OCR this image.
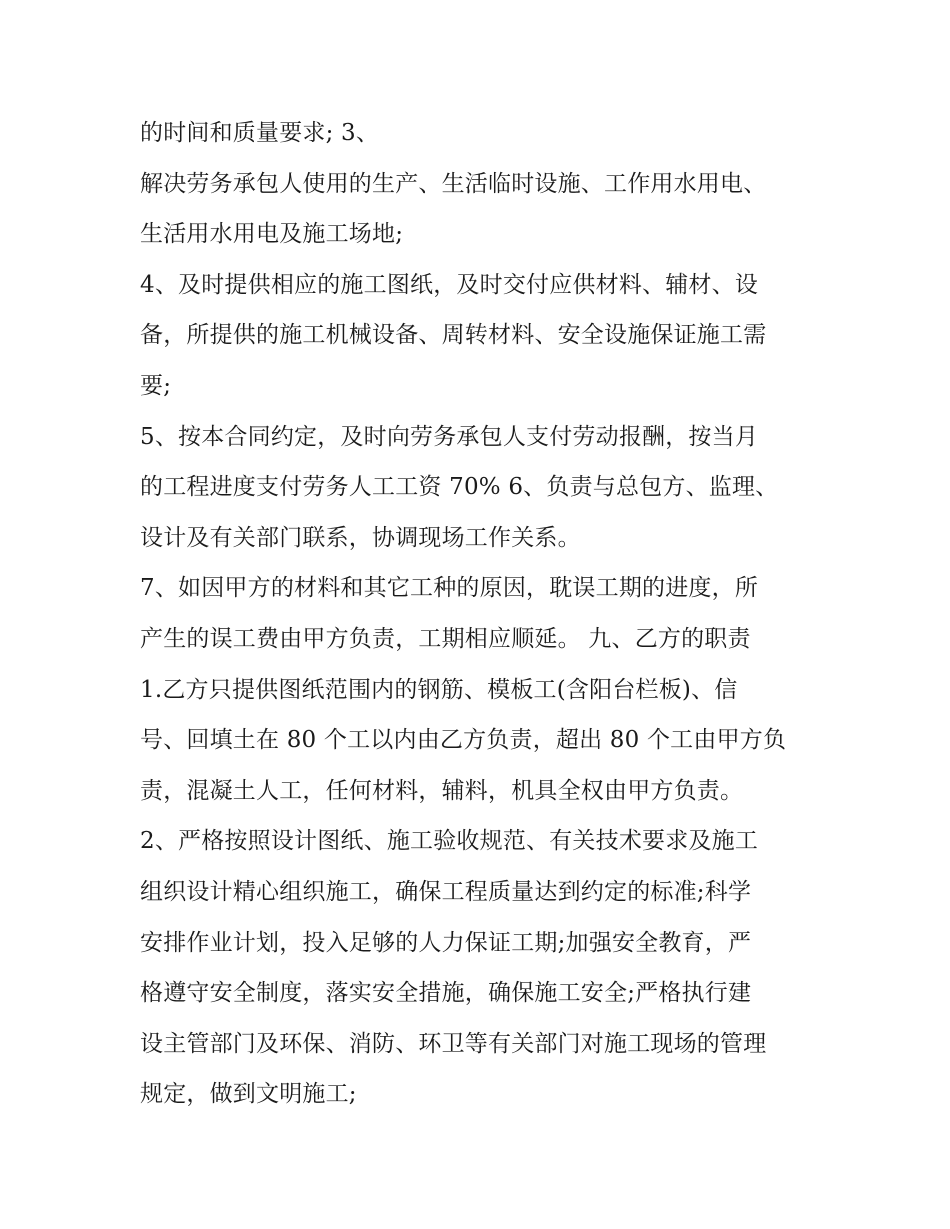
的时间和质量要求; 3、
解决劳务承包人使用的生产、生活临时设施、工作用水用电、
生活用水用电及施工场地;
4、及时提供相应的施工图纸，及时交付应供材料、辅材、设
备，所提供的施工机械设备、周转材料、安全设施保证施工需
要;
5、按本合同约定，及时向劳务承包人支付劳动报酬，按当月
的工程进度支付劳务人工工资 70% 6、负责与总包方、监理、
设计及有关部门联系，协调现场工作关系。
7、如因甲方的材料和其它工种的原因，耽误工期的进度，所
产生的误工费由甲方负责，工期相应顺延。 九、乙方的职责
1.乙方只提供图纸范围内的钢筋、模板工(含阳台栏板)、信
号、回填土在 80 个工以内由乙方负责，超出 80 个工由甲方负
责，混凝土人工，任何材料，辅料，机具全权由甲方负责。
2、严格按照设计图纸、施工验收规范、有关技术要求及施工
组织设计精心组织施工，确保工程质量达到约定的标准;科学
安排作业计划，投入足够的人力保证工期;加强安全教育，严
格遵守安全制度，落实安全措施，确保施工安全;严格执行建
设主管部门及环保、消防、环卫等有关部门对施工现场的管理
规定，做到文明施工;
